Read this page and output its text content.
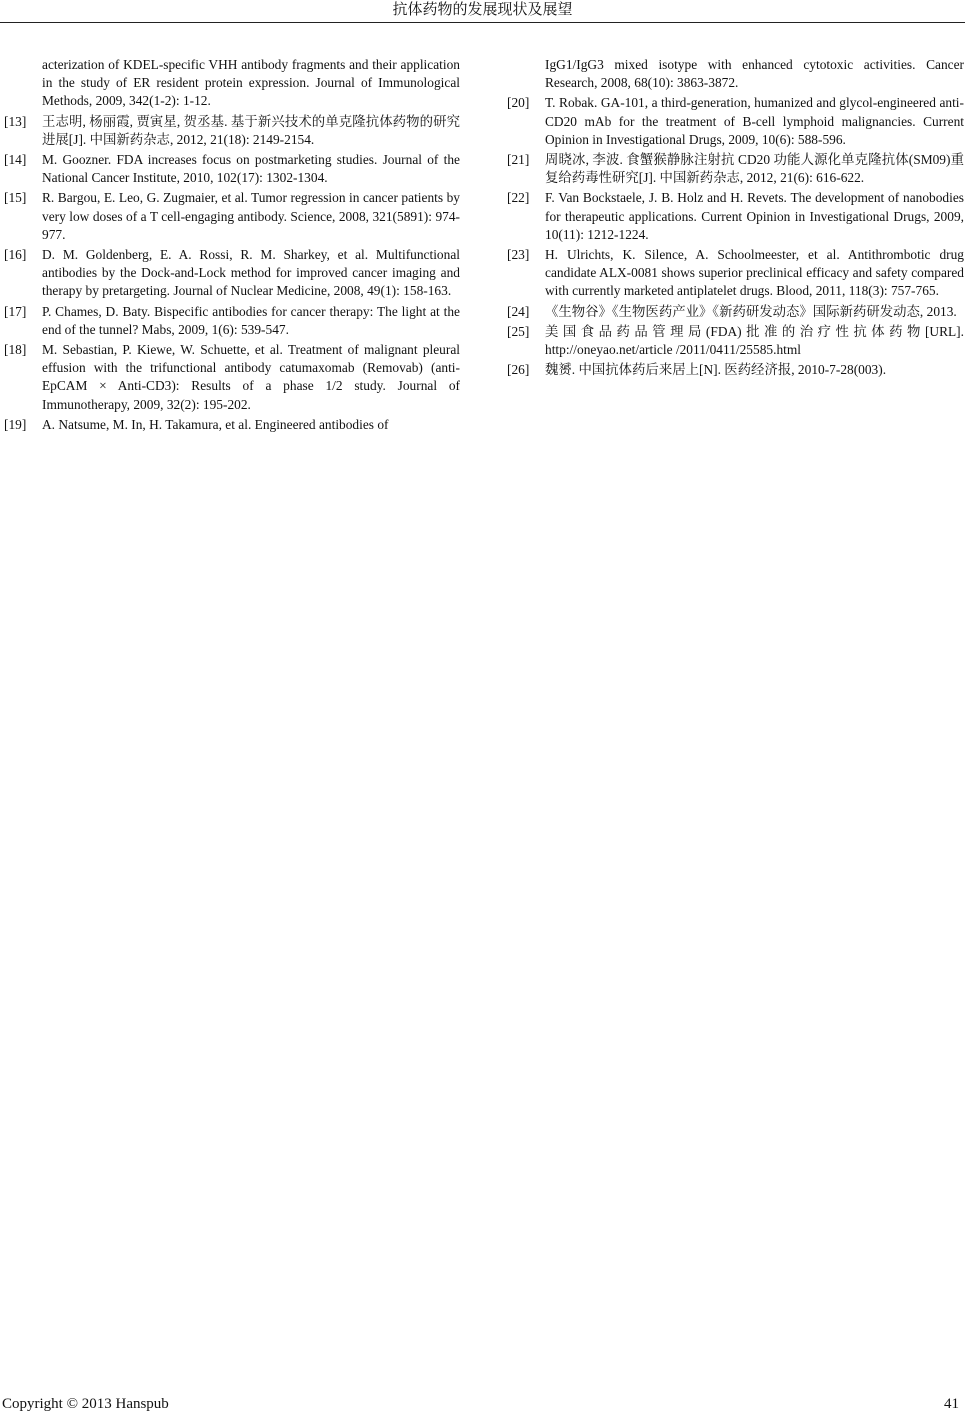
抗体药物的发展现状及展望
acterization of KDEL-specific VHH antibody fragments and their application in the study of ER resident protein expression. Journal of Immunological Methods, 2009, 342(1-2): 1-12.
[13]	王志明, 杨丽霞, 贾寅星, 贺丞基. 基于新兴技术的单克隆抗体药物的研究进展[J]. 中国新药杂志, 2012, 21(18): 2149-2154.
[14]	M. Goozner. FDA increases focus on postmarketing studies. Journal of the National Cancer Institute, 2010, 102(17): 1302-1304.
[15]	R. Bargou, E. Leo, G. Zugmaier, et al. Tumor regression in cancer patients by very low doses of a T cell-engaging antibody. Science, 2008, 321(5891): 974-977.
[16]	D. M. Goldenberg, E. A. Rossi, R. M. Sharkey, et al. Multifunctional antibodies by the Dock-and-Lock method for improved cancer imaging and therapy by pretargeting. Journal of Nuclear Medicine, 2008, 49(1): 158-163.
[17]	P. Chames, D. Baty. Bispecific antibodies for cancer therapy: The light at the end of the tunnel? Mabs, 2009, 1(6): 539-547.
[18]	M. Sebastian, P. Kiewe, W. Schuette, et al. Treatment of malignant pleural effusion with the trifunctional antibody catumaxomab (Removab) (anti-EpCAM × Anti-CD3): Results of a phase 1/2 study. Journal of Immunotherapy, 2009, 32(2): 195-202.
[19]	A. Natsume, M. In, H. Takamura, et al. Engineered antibodies of
IgG1/IgG3 mixed isotype with enhanced cytotoxic activities. Cancer Research, 2008, 68(10): 3863-3872.
[20]	T. Robak. GA-101, a third-generation, humanized and glycol-engineered anti-CD20 mAb for the treatment of B-cell lymphoid malignancies. Current Opinion in Investigational Drugs, 2009, 10(6): 588-596.
[21]	周晓冰, 李波. 食蟹猴静脉注射抗 CD20 功能人源化单克隆抗体(SM09)重复给药毒性研究[J]. 中国新药杂志, 2012, 21(6): 616-622.
[22]	F. Van Bockstaele, J. B. Holz and H. Revets. The development of nanobodies for therapeutic applications. Current Opinion in Investigational Drugs, 2009, 10(11): 1212-1224.
[23]	H. Ulrichts, K. Silence, A. Schoolmeester, et al. Antithrombotic drug candidate ALX-0081 shows superior preclinical efficacy and safety compared with currently marketed antiplatelet drugs. Blood, 2011, 118(3): 757-765.
[24]	《生物谷》《生物医药产业》《新药研发动态》国际新药研发动态, 2013.
[25]	美国食品药品管理局(FDA)批准的治疗性抗体药物[URL]. http://oneyao.net/article /2011/0411/25585.html
[26]	魏赟. 中国抗体药后来居上[N]. 医药经济报, 2010-7-28(003).
Copyright © 2013 Hanspub	41
